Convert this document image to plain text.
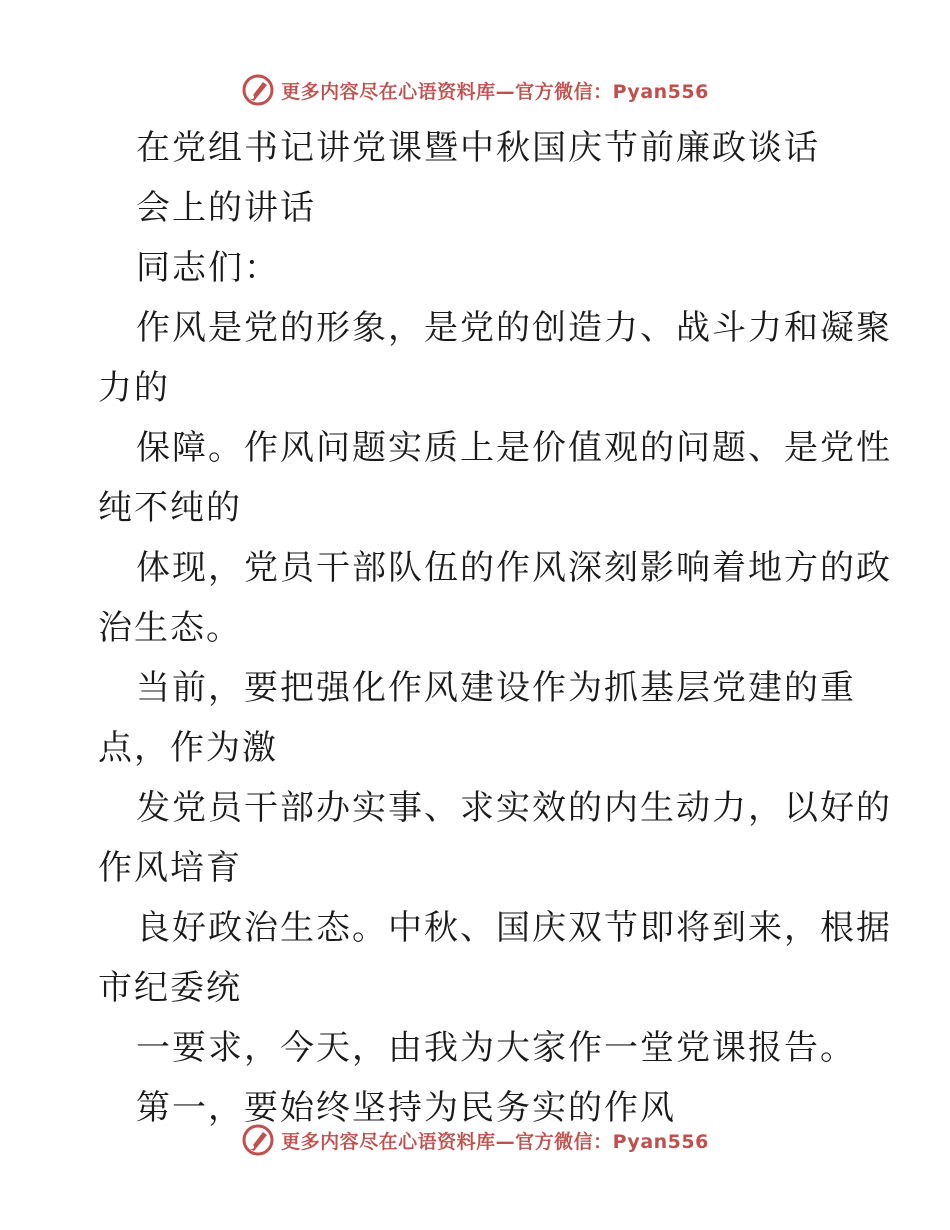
更多内容尽在心语资料库—官方微信：Pyan556
在党组书记讲党课暨中秋国庆节前廉政谈话
会上的讲话
同志们：
作风是党的形象，是党的创造力、战斗力和凝聚
力的
保障。作风问题实质上是价值观的问题、是党性
纯不纯的
体现，党员干部队伍的作风深刻影响着地方的政
治生态。
当前，要把强化作风建设作为抓基层党建的重
点，作为激
发党员干部办实事、求实效的内生动力，以好的
作风培育
良好政治生态。中秋、国庆双节即将到来，根据
市纪委统
一要求，今天，由我为大家作一堂党课报告。
第一，要始终坚持为民务实的作风
更多内容尽在心语资料库—官方微信：Pyan556
